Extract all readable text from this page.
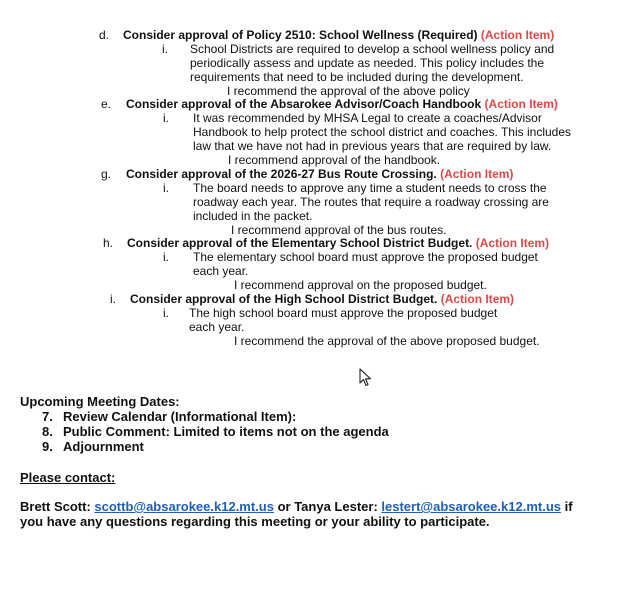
d. Consider approval of Policy 2510: School Wellness (Required) (Action Item)
i. School Districts are required to develop a school wellness policy and
periodically assess and update as needed. This policy includes the
requirements that need to be included during the development.
I recommend the approval of the above policy
e. Consider approval of the Absarokee Advisor/Coach Handbook (Action Item)
i. It was recommended by MHSA Legal to create a coaches/Advisor
Handbook to help protect the school district and coaches. This includes
law that we have not had in previous years that are required by law.
I recommend approval of the handbook.
g. Consider approval of the 2026-27 Bus Route Crossing. (Action Item)
i. The board needs to approve any time a student needs to cross the
roadway each year. The routes that require a roadway crossing are
included in the packet.
I recommend approval of the bus routes.
h. Consider approval of the Elementary School District Budget. (Action Item)
i. The elementary school board must approve the proposed budget
each year.
I recommend approval on the proposed budget.
i. Consider approval of the High School District Budget. (Action Item)
i. The high school board must approve the proposed budget
each year.
I recommend the approval of the above proposed budget.
Upcoming Meeting Dates:
7. Review Calendar (Informational Item):
8. Public Comment: Limited to items not on the agenda
9. Adjournment
Please contact:
Brett Scott: scottb@absarokee.k12.mt.us or Tanya Lester: lestert@absarokee.k12.mt.us if
you have any questions regarding this meeting or your ability to participate.
